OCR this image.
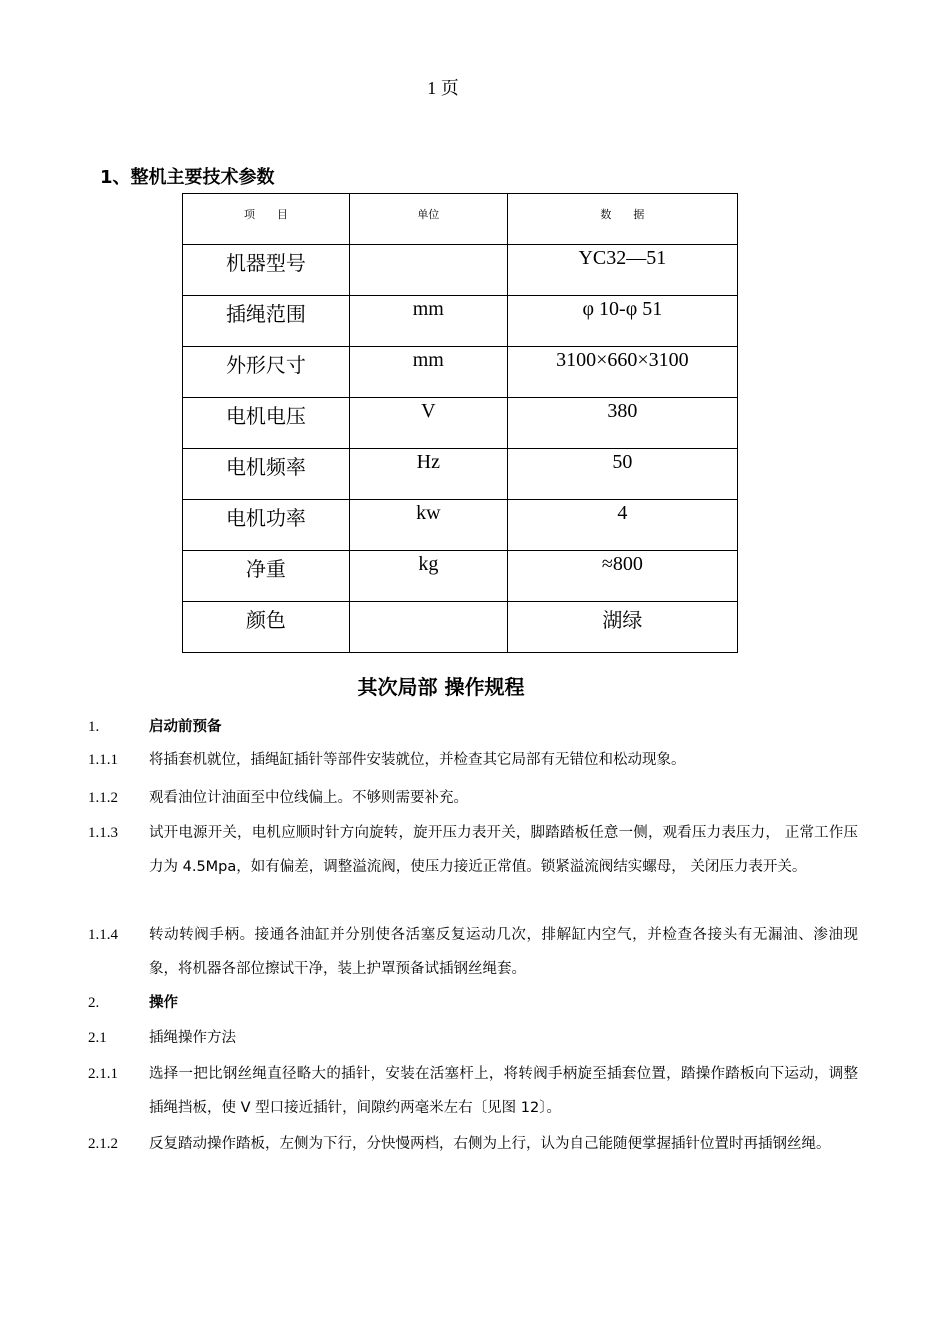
1 页
1、整机主要技术参数
项　　目	单位	数　　据
机器型号		YC32—51
插绳范围	mm	φ 10-φ 51
外形尺寸	mm	3100×660×3100
电机电压	V	380
电机频率	Hz	50
电机功率	kw	4
净重	kg	≈800
颜色		湖绿
其次局部 操作规程
1.	启动前预备
1.1.1	将插套机就位，插绳缸插针等部件安装就位，并检查其它局部有无错位和松动现象。
1.1.2	观看油位计油面至中位线偏上。不够则需要补充。
1.1.3	试开电源开关，电机应顺时针方向旋转，旋开压力表开关，脚踏踏板任意一侧，观看压力表压力， 正常工作压力为 4.5Mpa，如有偏差，调整溢流阀，使压力接近正常值。锁紧溢流阀结实螺母， 关闭压力表开关。
1.1.4	转动转阀手柄。接通各油缸并分别使各活塞反复运动几次，排解缸内空气，并检查各接头有无漏油、渗油现象，将机器各部位擦试干净，装上护罩预备试插钢丝绳套。
2.	操作
2.1	插绳操作方法
2.1.1	选择一把比钢丝绳直径略大的插针，安装在活塞杆上，将转阀手柄旋至插套位置，踏操作踏板向下运动，调整插绳挡板，使 V 型口接近插针，间隙约两毫米左右〔见图 12〕。
2.1.2	反复踏动操作踏板，左侧为下行，分快慢两档，右侧为上行，认为自己能随便掌握插针位置时再插钢丝绳。
